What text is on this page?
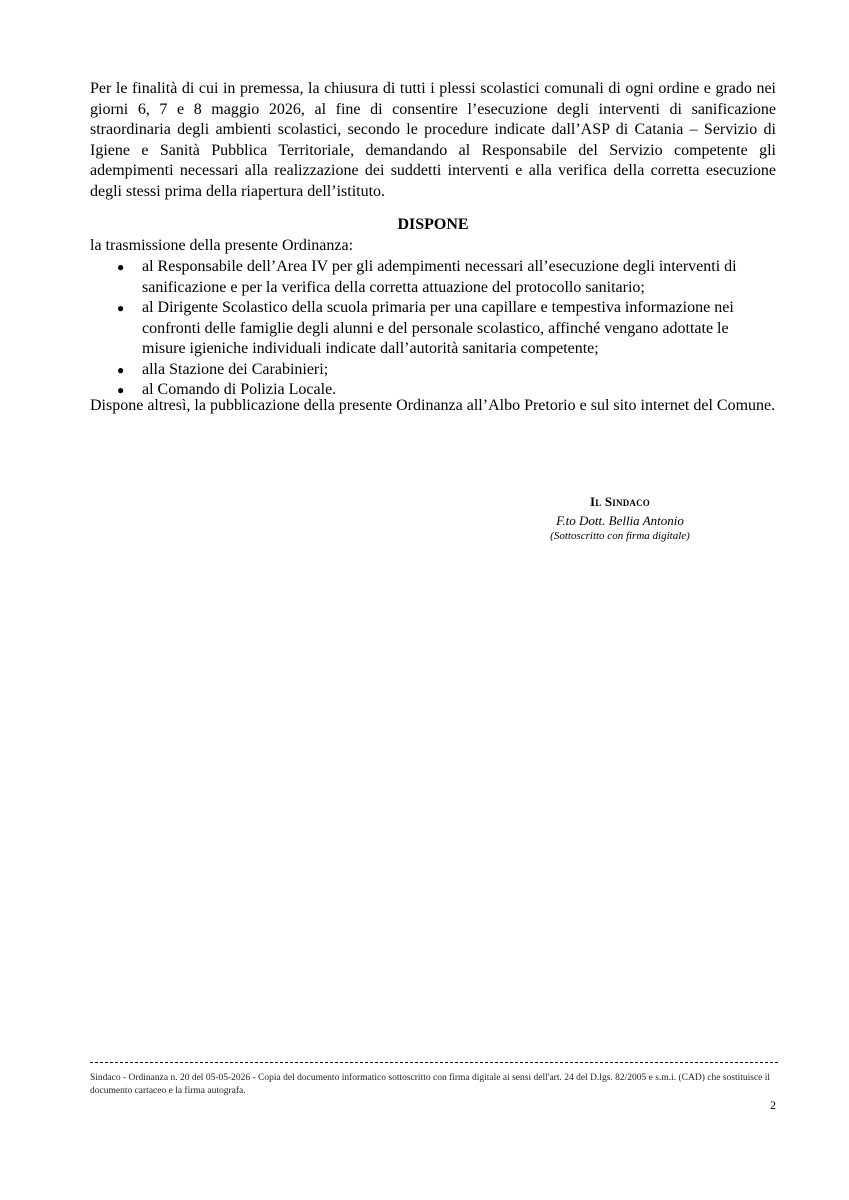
Per le finalità di cui in premessa, la chiusura di tutti i plessi scolastici comunali di ogni ordine e grado nei giorni 6, 7 e 8 maggio 2026, al fine di consentire l’esecuzione degli interventi di sanificazione straordinaria degli ambienti scolastici, secondo le procedure indicate dall’ASP di Catania – Servizio di Igiene e Sanità Pubblica Territoriale, demandando al Responsabile del Servizio competente gli adempimenti necessari alla realizzazione dei suddetti interventi e alla verifica della corretta esecuzione degli stessi prima della riapertura dell’istituto.
DISPONE
la trasmissione della presente Ordinanza:
● al Responsabile dell’Area IV per gli adempimenti necessari all’esecuzione degli interventi di sanificazione e per la verifica della corretta attuazione del protocollo sanitario;
● al Dirigente Scolastico della scuola primaria per una capillare e tempestiva informazione nei confronti delle famiglie degli alunni e del personale scolastico, affinché vengano adottate le misure igieniche individuali indicate dall’autorità sanitaria competente;
● alla Stazione dei Carabinieri;
● al Comando di Polizia Locale.
Dispone altresì, la pubblicazione della presente Ordinanza all’Albo Pretorio e sul sito internet del Comune.
Il Sindaco
F.to Dott. Bellia Antonio
(Sottoscritto con firma digitale)
Sindaco - Ordinanza n. 20 del 05-05-2026 - Copia del documento informatico sottoscritto con firma digitale ai sensi dell'art. 24 del D.lgs. 82/2005 e s.m.i. (CAD) che sostituisce il documento cartaceo e la firma autografa.
2
